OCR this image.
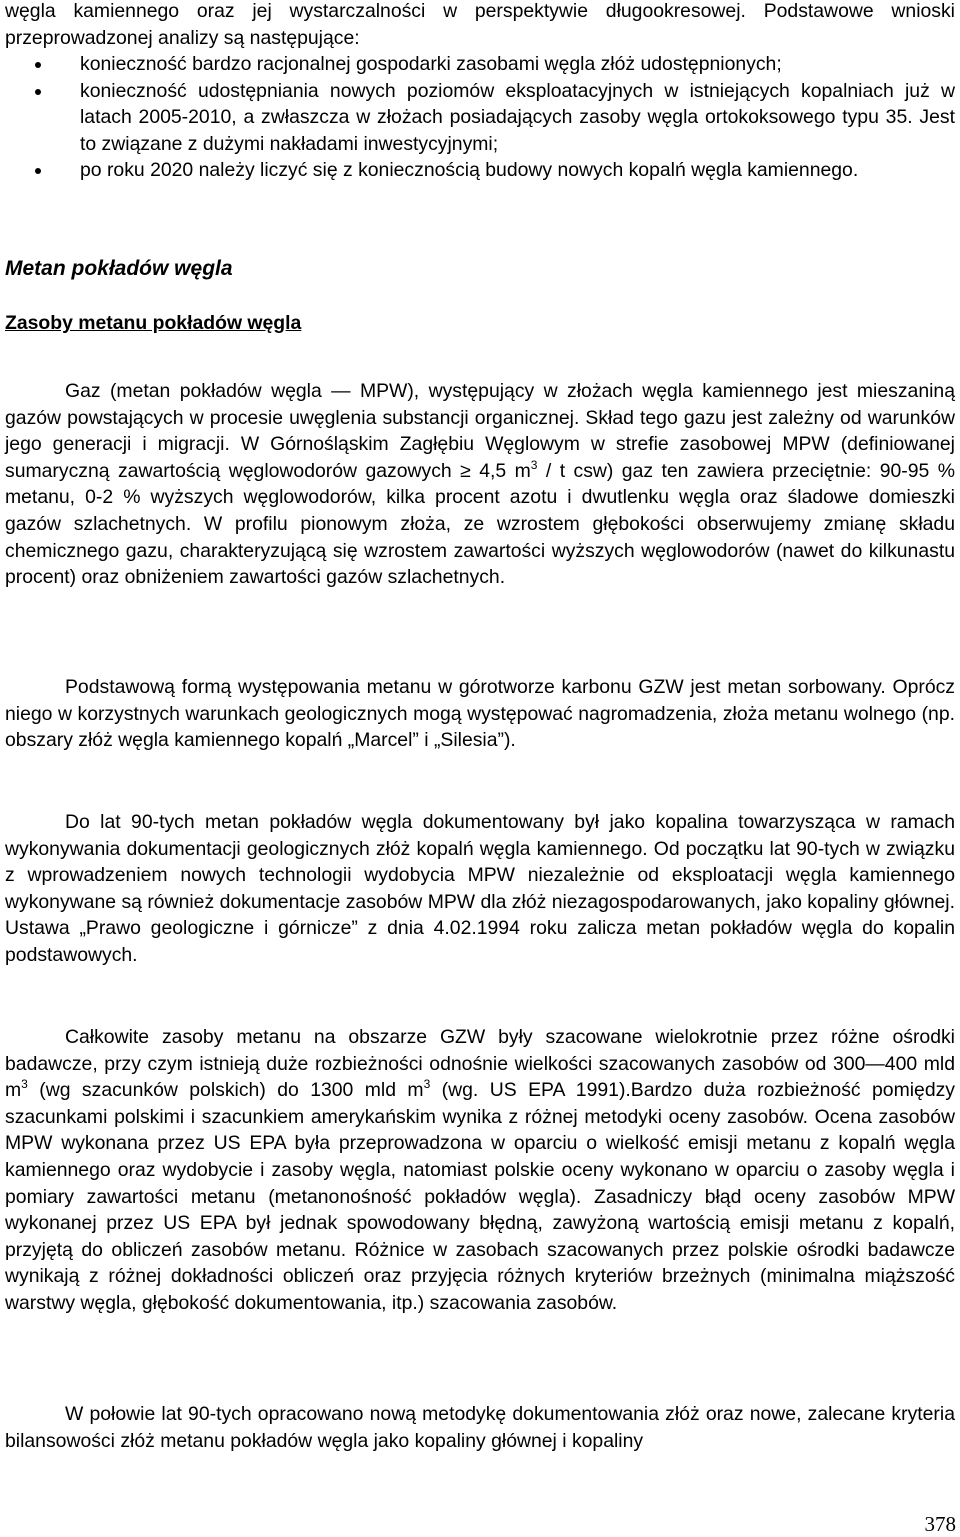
węgla kamiennego oraz jej wystarczalności w perspektywie długookresowej. Podstawowe wnioski przeprowadzonej analizy są następujące:

konieczność bardzo racjonalnej gospodarki zasobami węgla złóż udostępnionych;
konieczność udostępniania nowych poziomów eksploatacyjnych w istniejących kopalniach już w latach 2005-2010, a zwłaszcza w złożach posiadających zasoby węgla ortokoksowego typu 35. Jest to związane z dużymi nakładami inwestycyjnymi;
po roku 2020 należy liczyć się z koniecznością budowy nowych kopalń węgla kamiennego.
Metan pokładów węgla
Zasoby metanu pokładów węgla

Gaz (metan pokładów węgla — MPW), występujący w złożach węgla kamiennego jest mieszaniną gazów powstających w procesie uwęglenia substancji organicznej. Skład tego gazu jest zależny od warunków jego generacji i migracji. W Górnośląskim Zagłębiu Węglowym w strefie zasobowej MPW (definiowanej sumaryczną zawartością węglowodorów gazowych ≥ 4,5 $m^3$ / t csw) gaz ten zawiera przeciętnie: 90-95 % metanu, 0-2 % wyższych węglowodorów, kilka procent azotu i dwutlenku węgla oraz śladowe domieszki gazów szlachetnych. W profilu pionowym złoża, ze wzrostem głębokości obserwujemy zmianę składu chemicznego gazu, charakteryzującą się wzrostem zawartości wyższych węglowodorów (nawet do kilkunastu procent) oraz obniżeniem zawartości gazów szlachetnych.

Podstawową formą występowania metanu w górotworze karbonu GZW jest metan sorbowany. Oprócz niego w korzystnych warunkach geologicznych mogą występować nagromadzenia, złoża metanu wolnego (np. obszary złóż węgla kamiennego kopalń „Marcel” i „Silesia”).

Do lat 90-tych metan pokładów węgla dokumentowany był jako kopalina towarzysząca w ramach wykonywania dokumentacji geologicznych złóż kopalń węgla kamiennego. Od początku lat 90-tych w związku z wprowadzeniem nowych technologii wydobycia MPW niezależnie od eksploatacji węgla kamiennego wykonywane są również dokumentacje zasobów MPW dla złóż niezagospodarowanych, jako kopaliny głównej. Ustawa „Prawo geologiczne i górnicze” z dnia 4.02.1994 roku zalicza metan pokładów węgla do kopalin podstawowych.

Całkowite zasoby metanu na obszarze GZW były szacowane wielokrotnie przez różne ośrodki badawcze, przy czym istnieją duże rozbieżności odnośnie wielkości szacowanych zasobów od 300—400 mld $m^3$ (wg szacunków polskich) do 1300 mld $m^3$ (wg. US EPA 1991).Bardzo duża rozbieżność pomiędzy szacunkami polskimi i szacunkiem amerykańskim wynika z różnej metodyki oceny zasobów. Ocena zasobów MPW wykonana przez US EPA była przeprowadzona w oparciu o wielkość emisji metanu z kopalń węgla kamiennego oraz wydobycie i zasoby węgla, natomiast polskie oceny wykonano w oparciu o zasoby węgla i pomiary zawartości metanu (metanonośność pokładów węgla). Zasadniczy błąd oceny zasobów MPW wykonanej przez US EPA był jednak spowodowany błędną, zawyżoną wartością emisji metanu z kopalń, przyjętą do obliczeń zasobów metanu. Różnice w zasobach szacowanych przez polskie ośrodki badawcze wynikają z różnej dokładności obliczeń oraz przyjęcia różnych kryteriów brzeżnych (minimalna miąższość warstwy węgla, głębokość dokumentowania, itp.) szacowania zasobów.

W połowie lat 90-tych opracowano nową metodykę dokumentowania złóż oraz nowe, zalecane kryteria bilansowości złóż metanu pokładów węgla jako kopaliny głównej i kopaliny

378
